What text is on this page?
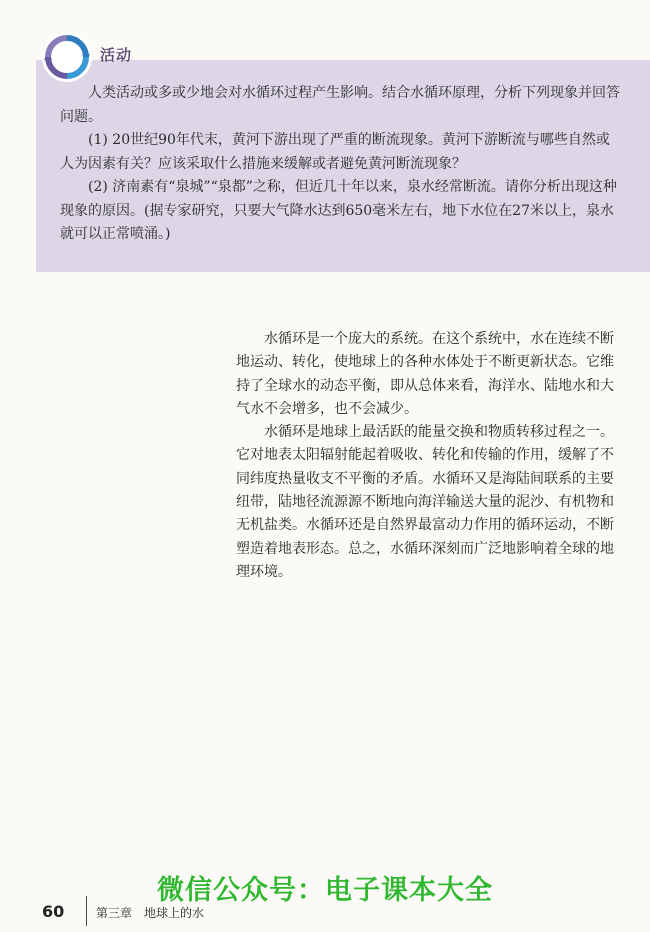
活动

人类活动或多或少地会对水循环过程产生影响。结合水循环原理，分析下列现象并回答问题。

(1) 20世纪90年代末，黄河下游出现了严重的断流现象。黄河下游断流与哪些自然或人为因素有关？应该采取什么措施来缓解或者避免黄河断流现象？

(2) 济南素有“泉城”“泉都”之称，但近几十年以来，泉水经常断流。请你分析出现这种现象的原因。(据专家研究，只要大气降水达到650毫米左右，地下水位在27米以上，泉水就可以正常喷涌。)

水循环是一个庞大的系统。在这个系统中，水在连续不断地运动、转化，使地球上的各种水体处于不断更新状态。它维持了全球水的动态平衡，即从总体来看，海洋水、陆地水和大气水不会增多，也不会减少。

水循环是地球上最活跃的能量交换和物质转移过程之一。它对地表太阳辐射能起着吸收、转化和传输的作用，缓解了不同纬度热量收支不平衡的矛盾。水循环又是海陆间联系的主要纽带，陆地径流源源不断地向海洋输送大量的泥沙、有机物和无机盐类。水循环还是自然界最富动力作用的循环运动，不断塑造着地表形态。总之，水循环深刻而广泛地影响着全球的地理环境。

微信公众号：电子课本大全
60	第三章　地球上的水
